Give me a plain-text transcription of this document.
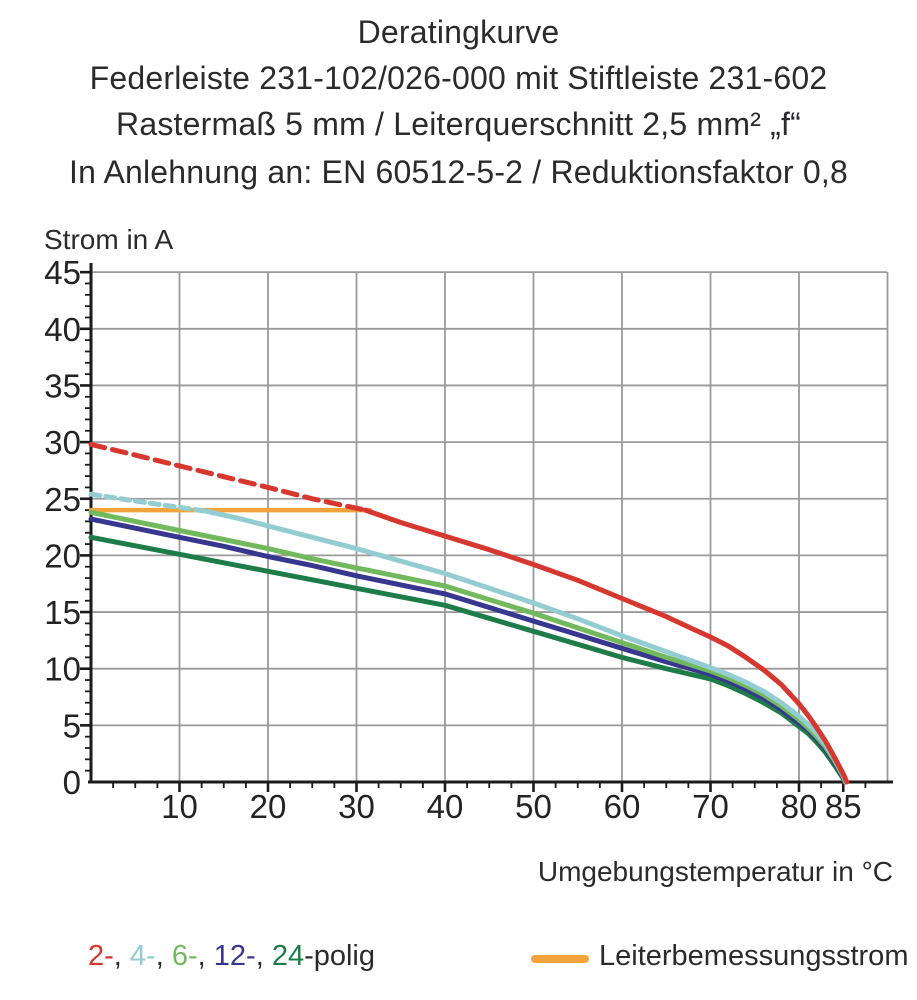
Deratingkurve
Federleiste 231-102/026-000 mit Stiftleiste 231-602
Rastermaß 5 mm / Leiterquerschnitt 2,5 mm² „f“
In Anlehnung an: EN 60512-5-2 / Reduktionsfaktor 0,8
0
5
10
15
20
25
30
35
40
45
10 20 30 40 50 60 70 80 85
Strom in A
Umgebungstemperatur in °C
2-, 4-, 6-, 12-, 24-polig	Leiterbemessungsstrom
